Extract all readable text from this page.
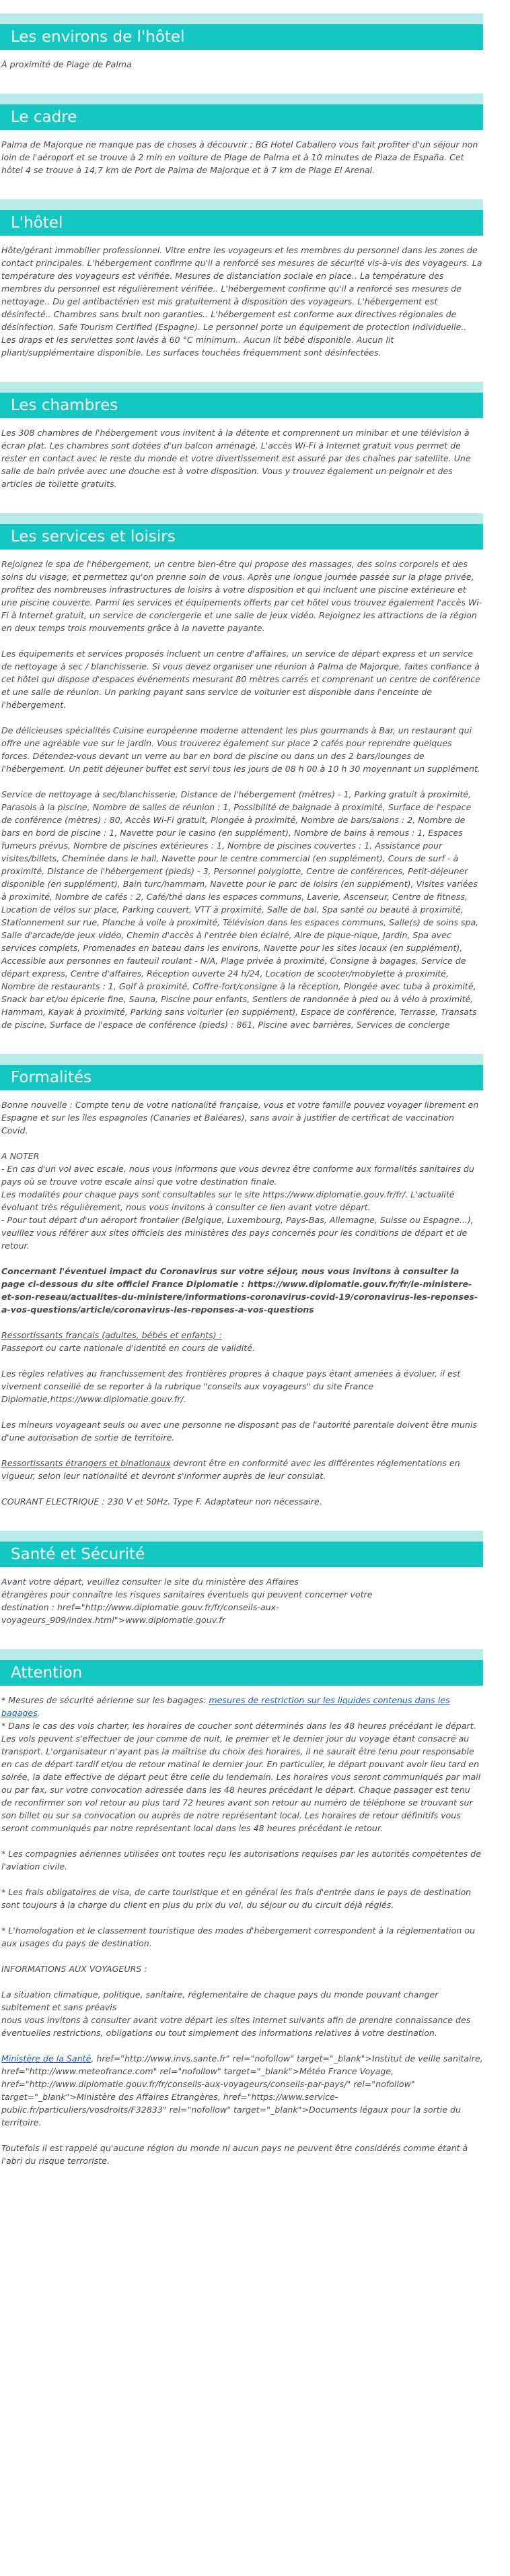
Les environs de l'hôtel

À proximité de Plage de Palma

Le cadre

Palma de Majorque ne manque pas de choses à découvrir ; BG Hotel Caballero vous fait profiter d'un séjour non loin de l'aéroport et se trouve à 2 min en voiture de Plage de Palma et à 10 minutes de Plaza de España. Cet hôtel 4 se trouve à 14,7 km de Port de Palma de Majorque et à 7 km de Plage El Arenal.

L'hôtel

Hôte/gérant immobilier professionnel. Vitre entre les voyageurs et les membres du personnel dans les zones de contact principales. L'hébergement confirme qu'il a renforcé ses mesures de sécurité vis-à-vis des voyageurs. La température des voyageurs est vérifiée. Mesures de distanciation sociale en place.. La température des membres du personnel est régulièrement vérifiée.. L'hébergement confirme qu'il a renforcé ses mesures de nettoyage.. Du gel antibactérien est mis gratuitement à disposition des voyageurs. L'hébergement est désinfecté.. Chambres sans bruit non garanties.. L'hébergement est conforme aux directives régionales de désinfection. Safe Tourism Certified (Espagne). Le personnel porte un équipement de protection individuelle.. Les draps et les serviettes sont lavés à 60 °C minimum.. Aucun lit bébé disponible. Aucun lit pliant/supplémentaire disponible. Les surfaces touchées fréquemment sont désinfectées.

Les chambres

Les 308 chambres de l'hébergement vous invitent à la détente et comprennent un minibar et une télévision à écran plat. Les chambres sont dotées d'un balcon aménagé. L'accès Wi-Fi à Internet gratuit vous permet de rester en contact avec le reste du monde et votre divertissement est assuré par des chaînes par satellite. Une salle de bain privée avec une douche est à votre disposition. Vous y trouvez également un peignoir et des articles de toilette gratuits.

Les services et loisirs

Rejoignez le spa de l'hébergement, un centre bien-être qui propose des massages, des soins corporels et des soins du visage, et permettez qu'on prenne soin de vous. Après une longue journée passée sur la plage privée, profitez des nombreuses infrastructures de loisirs à votre disposition et qui incluent une piscine extérieure et une piscine couverte. Parmi les services et équipements offerts par cet hôtel vous trouvez également l'accès Wi-Fi à Internet gratuit, un service de conciergerie et une salle de jeux vidéo. Rejoignez les attractions de la région en deux temps trois mouvements grâce à la navette payante.

Les équipements et services proposés incluent un centre d'affaires, un service de départ express et un service de nettoyage à sec / blanchisserie. Si vous devez organiser une réunion à Palma de Majorque, faites confiance à cet hôtel qui dispose d'espaces événements mesurant 80 mètres carrés et comprenant un centre de conférence et une salle de réunion. Un parking payant sans service de voiturier est disponible dans l'enceinte de l'hébergement.

De délicieuses spécialités Cuisine européenne moderne attendent les plus gourmands à Bar, un restaurant qui offre une agréable vue sur le jardin. Vous trouverez également sur place 2 cafés pour reprendre quelques forces. Détendez-vous devant un verre au bar en bord de piscine ou dans un des 2 bars/lounges de l'hébergement. Un petit déjeuner buffet est servi tous les jours de 08 h 00 à 10 h 30 moyennant un supplément.

Service de nettoyage à sec/blanchisserie, Distance de l'hébergement (mètres) - 1, Parking gratuit à proximité, Parasols à la piscine, Nombre de salles de réunion : 1, Possibilité de baignade à proximité, Surface de l'espace de conférence (mètres) : 80, Accès Wi-Fi gratuit, Plongée à proximité, Nombre de bars/salons : 2, Nombre de bars en bord de piscine : 1, Navette pour le casino (en supplément), Nombre de bains à remous : 1, Espaces fumeurs prévus, Nombre de piscines extérieures : 1, Nombre de piscines couvertes : 1, Assistance pour visites/billets, Cheminée dans le hall, Navette pour le centre commercial (en supplément), Cours de surf - à proximité, Distance de l'hébergement (pieds) - 3, Personnel polyglotte, Centre de conférences, Petit-déjeuner disponible (en supplément), Bain turc/hammam, Navette pour le parc de loisirs (en supplément), Visites variées à proximité, Nombre de cafés : 2, Café/thé dans les espaces communs, Laverie, Ascenseur, Centre de fitness, Location de vélos sur place, Parking couvert, VTT à proximité, Salle de bal, Spa santé ou beauté à proximité, Stationnement sur rue, Planche à voile à proximité, Télévision dans les espaces communs, Salle(s) de soins spa, Salle d'arcade/de jeux vidéo, Chemin d'accès à l'entrée bien éclairé, Aire de pique-nique, Jardin, Spa avec services complets, Promenades en bateau dans les environs, Navette pour les sites locaux (en supplément), Accessible aux personnes en fauteuil roulant - N/A, Plage privée à proximité, Consigne à bagages, Service de départ express, Centre d'affaires, Réception ouverte 24 h/24, Location de scooter/mobylette à proximité, Nombre de restaurants : 1, Golf à proximité, Coffre-fort/consigne à la réception, Plongée avec tuba à proximité, Snack bar et/ou épicerie fine, Sauna, Piscine pour enfants, Sentiers de randonnée à pied ou à vélo à proximité, Hammam, Kayak à proximité, Parking sans voiturier (en supplément), Espace de conférence, Terrasse, Transats de piscine, Surface de l'espace de conférence (pieds) : 861, Piscine avec barrières, Services de concierge

Formalités

Bonne nouvelle : Compte tenu de votre nationalité française, vous et votre famille pouvez voyager librement en Espagne et sur les îles espagnoles (Canaries et Baléares), sans avoir à justifier de certificat de vaccination Covid.

A NOTER
- En cas d'un vol avec escale, nous vous informons que vous devrez être conforme aux formalités sanitaires du pays où se trouve votre escale ainsi que votre destination finale.
Les modalités pour chaque pays sont consultables sur le site https://www.diplomatie.gouv.fr/fr/. L'actualité évoluant très régulièrement, nous vous invitons à consulter ce lien avant votre départ.
- Pour tout départ d'un aéroport frontalier (Belgique, Luxembourg, Pays-Bas, Allemagne, Suisse ou Espagne...), veuillez vous référer aux sites officiels des ministères des pays concernés pour les conditions de départ et de retour.

Concernant l'éventuel impact du Coronavirus sur votre séjour, nous vous invitons à consulter la page ci-dessous du site officiel France Diplomatie : https://www.diplomatie.gouv.fr/fr/le-ministere-et-son-reseau/actualites-du-ministere/informations-coronavirus-covid-19/coronavirus-les-reponses-a-vos-questions/article/coronavirus-les-reponses-a-vos-questions

Ressortissants français (adultes, bébés et enfants) :
Passeport ou carte nationale d'identité en cours de validité.

Les règles relatives au franchissement des frontières propres à chaque pays étant amenées à évoluer, il est vivement conseillé de se reporter à la rubrique "conseils aux voyageurs" du site France Diplomatie,https://www.diplomatie.gouv.fr/.

Les mineurs voyageant seuls ou avec une personne ne disposant pas de l'autorité parentale doivent être munis d'une autorisation de sortie de territoire.

Ressortissants étrangers et binationaux devront être en conformité avec les différentes réglementations en vigueur, selon leur nationalité et devront s'informer auprès de leur consulat.

COURANT ELECTRIQUE : 230 V et 50Hz. Type F. Adaptateur non nécessaire.

Santé et Sécurité

Avant votre départ, veuillez consulter le site du ministère des Affaires
étrangères pour connaître les risques sanitaires éventuels qui peuvent concerner votre
destination : href="http://www.diplomatie.gouv.fr/fr/conseils-aux-voyageurs_909/index.html">www.diplomatie.gouv.fr

Attention
* Mesures de sécurité aérienne sur les bagages: mesures de restriction sur les liquides contenus dans les bagages.

* Dans le cas des vols charter, les horaires de coucher sont déterminés dans les 48 heures précédant le départ. Les vols peuvent s'effectuer de jour comme de nuit, le premier et le dernier jour du voyage étant consacré au transport. L'organisateur n'ayant pas la maîtrise du choix des horaires, il ne saurait être tenu pour responsable en cas de départ tardif et/ou de retour matinal le dernier jour. En particulier, le départ pouvant avoir lieu tard en soirée, la date effective de départ peut être celle du lendemain. Les horaires vous seront communiqués par mail ou par fax, sur votre convocation adressée dans les 48 heures précédant le départ. Chaque passager est tenu de reconfirmer son vol retour au plus tard 72 heures avant son retour au numéro de téléphone se trouvant sur son billet ou sur sa convocation ou auprès de notre représentant local. Les horaires de retour définitifs vous seront communiqués par notre représentant local dans les 48 heures précédant le retour.

* Les compagnies aériennes utilisées ont toutes reçu les autorisations requises par les autorités compétentes de l'aviation civile.

* Les frais obligatoires de visa, de carte touristique et en général les frais d'entrée dans le pays de destination sont toujours à la charge du client en plus du prix du vol, du séjour ou du circuit déjà réglés.

* L'homologation et le classement touristique des modes d'hébergement correspondent à la réglementation ou aux usages du pays de destination.

INFORMATIONS AUX VOYAGEURS :

La situation climatique, politique, sanitaire, réglementaire de chaque pays du monde pouvant changer subitement et sans préavis

nous vous invitons à consulter avant votre départ les sites Internet suivants afin de prendre connaissance des éventuelles restrictions, obligations ou tout simplement des informations relatives à votre destination.

Ministère de la Santé, href="http://www.invs.sante.fr" rel="nofollow" target="_blank">Institut de veille sanitaire, href="http://www.meteofrance.com" rel="nofollow" target="_blank">Météo France Voyage, href="http://www.diplomatie.gouv.fr/fr/conseils-aux-voyageurs/conseils-par-pays/" rel="nofollow" target="_blank">Ministère des Affaires Etrangères, href="https://www.service-public.fr/particuliers/vosdroits/F32833" rel="nofollow" target="_blank">Documents légaux pour la sortie du territoire.

Toutefois il est rappelé qu'aucune région du monde ni aucun pays ne peuvent être considérés comme étant à l'abri du risque terroriste.
